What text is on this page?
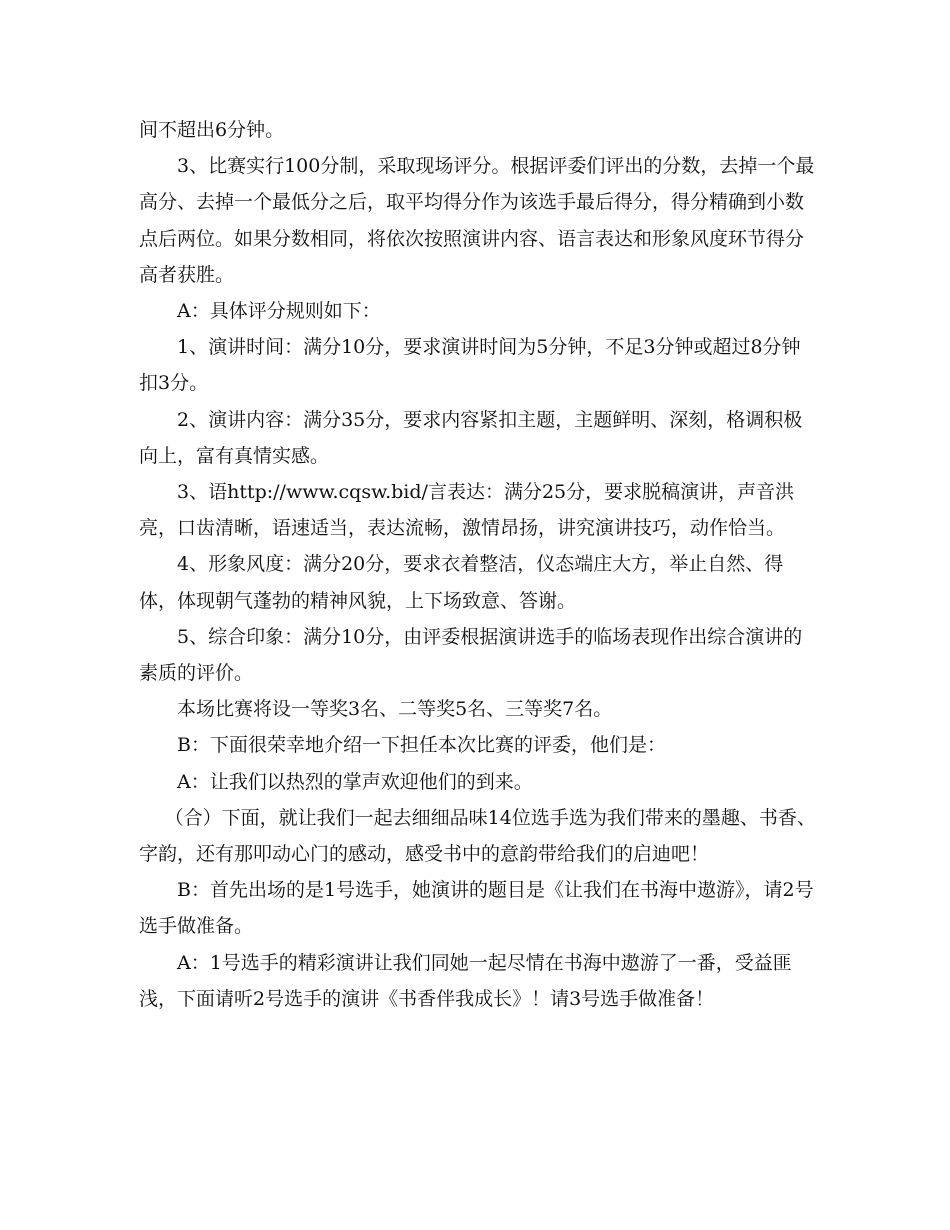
间不超出6分钟。

3、比赛实行100分制，采取现场评分。根据评委们评出的分数，去掉一个最高分、去掉一个最低分之后，取平均得分作为该选手最后得分，得分精确到小数点后两位。如果分数相同，将依次按照演讲内容、语言表达和形象风度环节得分高者获胜。

A：具体评分规则如下：

1、演讲时间：满分10分，要求演讲时间为5分钟，不足3分钟或超过8分钟扣3分。

2、演讲内容：满分35分，要求内容紧扣主题，主题鲜明、深刻，格调积极向上，富有真情实感。

3、语http://www.cqsw.bid/言表达：满分25分，要求脱稿演讲，声音洪亮，口齿清晰，语速适当，表达流畅，激情昂扬，讲究演讲技巧，动作恰当。

4、形象风度：满分20分，要求衣着整洁，仪态端庄大方，举止自然、得体，体现朝气蓬勃的精神风貌，上下场致意、答谢。

5、综合印象：满分10分，由评委根据演讲选手的临场表现作出综合演讲的素质的评价。

本场比赛将设一等奖3名、二等奖5名、三等奖7名。

B：下面很荣幸地介绍一下担任本次比赛的评委，他们是：

A：让我们以热烈的掌声欢迎他们的到来。

（合）下面，就让我们一起去细细品味14位选手选为我们带来的墨趣、书香、字韵，还有那叩动心门的感动，感受书中的意韵带给我们的启迪吧！

B：首先出场的是1号选手，她演讲的题目是《让我们在书海中遨游》，请2号选手做准备。

A：1号选手的精彩演讲让我们同她一起尽情在书海中遨游了一番，受益匪浅，下面请听2号选手的演讲《书香伴我成长》！请3号选手做准备！
